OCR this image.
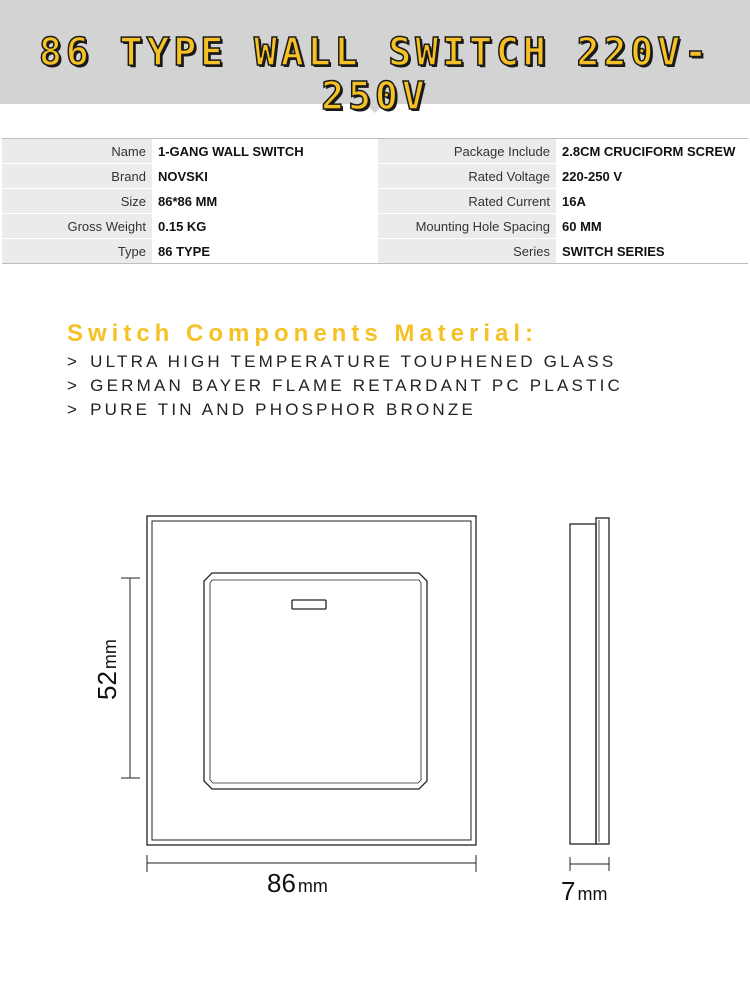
86 TYPE WALL SWITCH 220V-250V
Name	1-GANG WALL SWITCH	Package Include	2.8CM CRUCIFORM SCREW
Brand	NOVSKI	Rated Voltage	220-250 V
Size	86*86 MM	Rated Current	16A
Gross Weight	0.15 KG	Mounting Hole Spacing	60 MM
Type	86 TYPE	Series	SWITCH SERIES
Switch Components Material:
> ULTRA HIGH TEMPERATURE TOUPHENED GLASS
> GERMAN BAYER FLAME RETARDANT PC PLASTIC
> PURE TIN AND PHOSPHOR BRONZE
52mm
86 mm	7 mm
